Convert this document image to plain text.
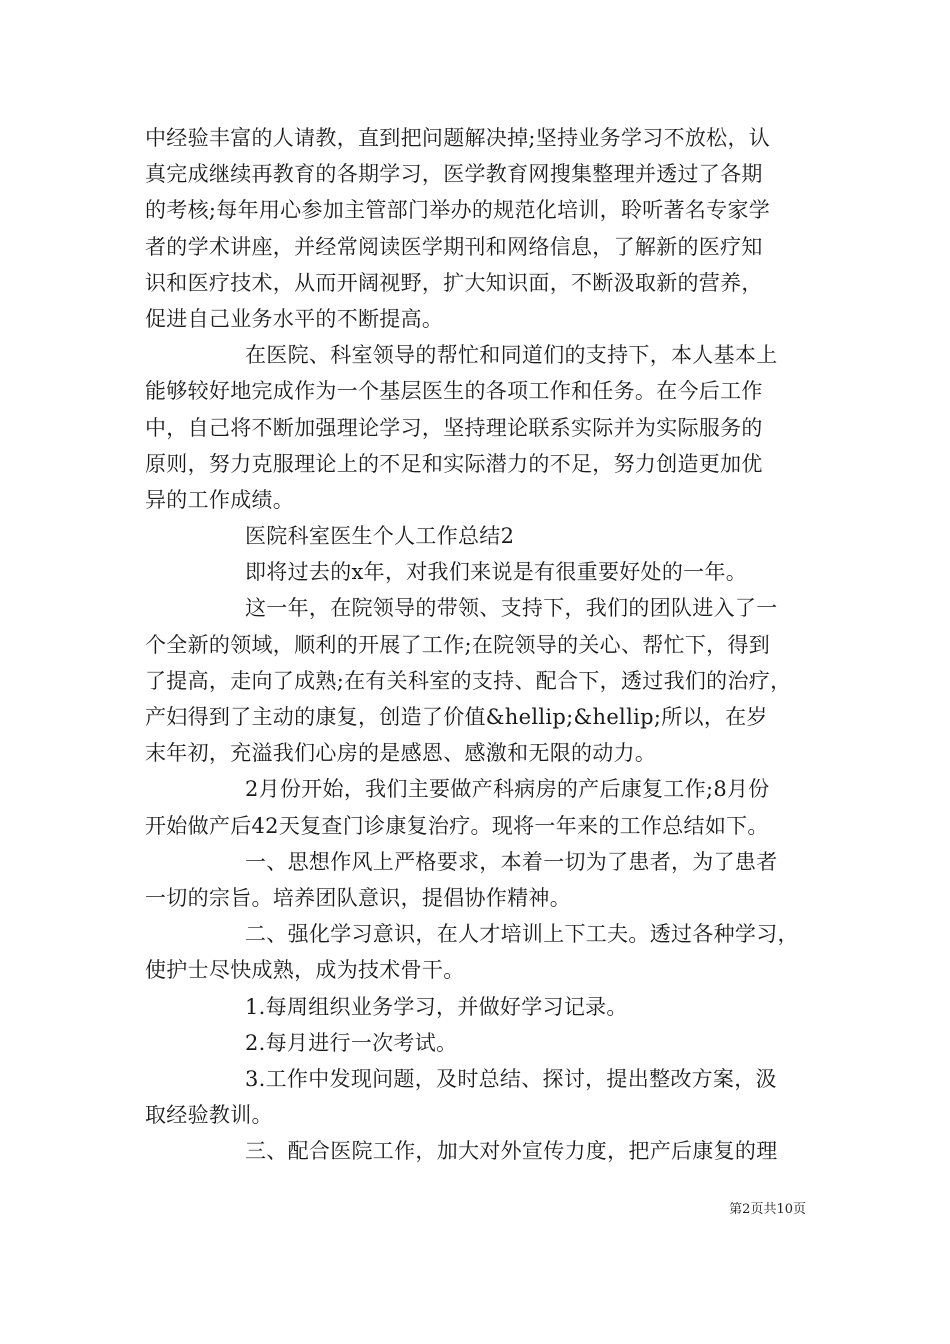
中经验丰富的人请教，直到把问题解决掉;坚持业务学习不放松，认
真完成继续再教育的各期学习，医学教育网搜集整理并透过了各期
的考核;每年用心参加主管部门举办的规范化培训，聆听著名专家学
者的学术讲座，并经常阅读医学期刊和网络信息，了解新的医疗知
识和医疗技术，从而开阔视野，扩大知识面，不断汲取新的营养，
促进自己业务水平的不断提高。
在医院、科室领导的帮忙和同道们的支持下，本人基本上
能够较好地完成作为一个基层医生的各项工作和任务。在今后工作
中，自己将不断加强理论学习，坚持理论联系实际并为实际服务的
原则，努力克服理论上的不足和实际潜力的不足，努力创造更加优
异的工作成绩。
医院科室医生个人工作总结2
即将过去的x年，对我们来说是有很重要好处的一年。
这一年，在院领导的带领、支持下，我们的团队进入了一
个全新的领域，顺利的开展了工作;在院领导的关心、帮忙下，得到
了提高，走向了成熟;在有关科室的支持、配合下，透过我们的治疗，
产妇得到了主动的康复，创造了价值&hellip;&hellip;所以，在岁
末年初，充溢我们心房的是感恩、感激和无限的动力。
2月份开始，我们主要做产科病房的产后康复工作;8月份
开始做产后42天复查门诊康复治疗。现将一年来的工作总结如下。
一、思想作风上严格要求，本着一切为了患者，为了患者
一切的宗旨。培养团队意识，提倡协作精神。
二、强化学习意识，在人才培训上下工夫。透过各种学习，
使护士尽快成熟，成为技术骨干。
1.每周组织业务学习，并做好学习记录。
2.每月进行一次考试。
3.工作中发现问题，及时总结、探讨，提出整改方案，汲
取经验教训。
三、配合医院工作，加大对外宣传力度，把产后康复的理
第2页共10页
